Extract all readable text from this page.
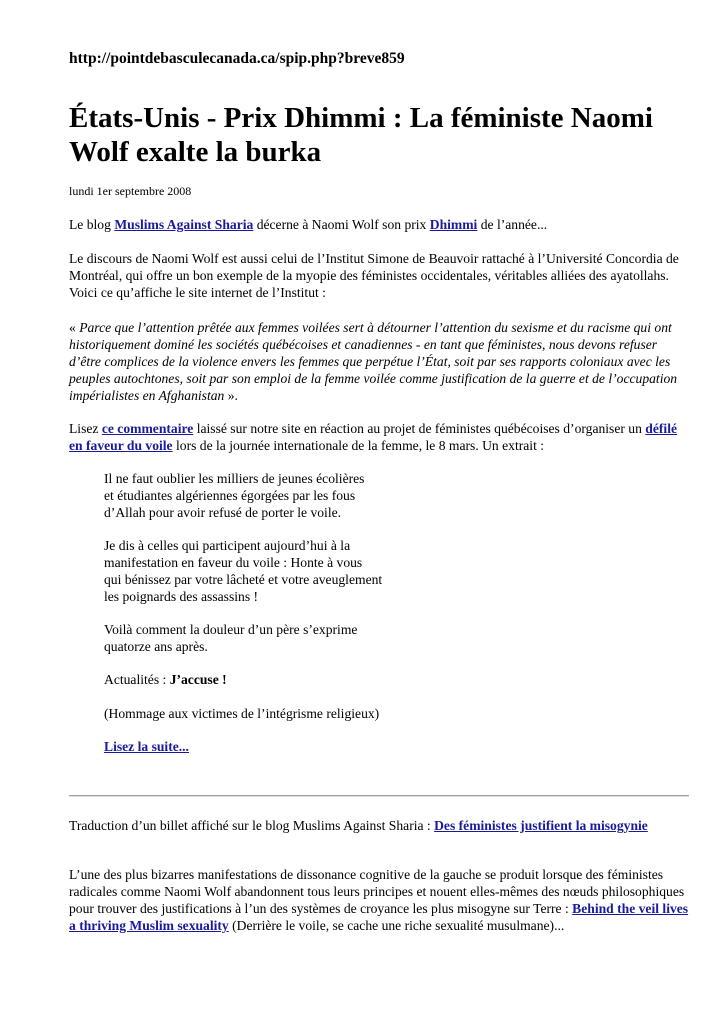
http://pointdebasculecanada.ca/spip.php?breve859
États-Unis - Prix Dhimmi : La féministe Naomi Wolf exalte la burka
lundi 1er septembre 2008
Le blog Muslims Against Sharia décerne à Naomi Wolf son prix Dhimmi de l’année...
Le discours de Naomi Wolf est aussi celui de l’Institut Simone de Beauvoir rattaché à l’Université Concordia de Montréal, qui offre un bon exemple de la myopie des féministes occidentales, véritables alliées des ayatollahs. Voici ce qu’affiche le site internet de l’Institut :
« Parce que l’attention prêtée aux femmes voilées sert à détourner l’attention du sexisme et du racisme qui ont historiquement dominé les sociétés québécoises et canadiennes - en tant que féministes, nous devons refuser d’être complices de la violence envers les femmes que perpétue l’État, soit par ses rapports coloniaux avec les peuples autochtones, soit par son emploi de la femme voilée comme justification de la guerre et de l’occupation impérialistes en Afghanistan ».
Lisez ce commentaire laissé sur notre site en réaction au projet de féministes québécoises d’organiser un défilé en faveur du voile lors de la journée internationale de la femme, le 8 mars. Un extrait :
Il ne faut oublier les milliers de jeunes écolières
et étudiantes algériennes égorgées par les fous
d’Allah pour avoir refusé de porter le voile.
Je dis à celles qui participent aujourd’hui à la
manifestation en faveur du voile : Honte à vous
qui bénissez par votre lâcheté et votre aveuglement
les poignards des assassins !
Voilà comment la douleur d’un père s’exprime
quatorze ans après.
Actualités : J’accuse !
(Hommage aux victimes de l’intégrisme religieux)
Lisez la suite...
Traduction d’un billet affiché sur le blog Muslims Against Sharia : Des féministes justifient la misogynie
L’une des plus bizarres manifestations de dissonance cognitive de la gauche se produit lorsque des féministes radicales comme Naomi Wolf abandonnent tous leurs principes et nouent elles-mêmes des nœuds philosophiques pour trouver des justifications à l’un des systèmes de croyance les plus misogyne sur Terre : Behind the veil lives a thriving Muslim sexuality (Derrière le voile, se cache une riche sexualité musulmane)...
